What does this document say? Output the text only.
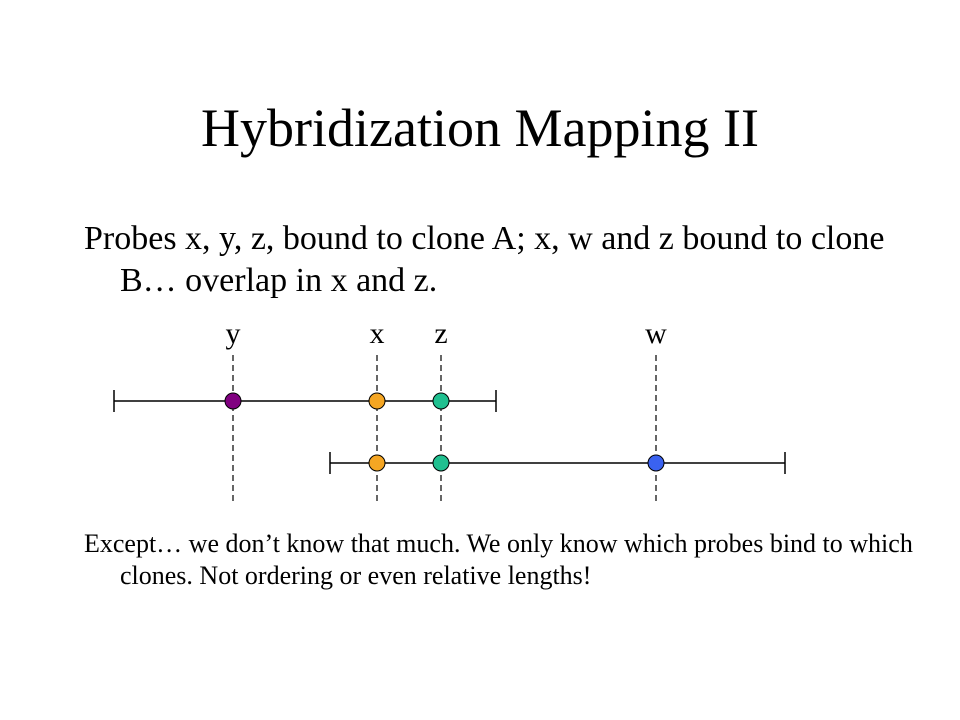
Hybridization Mapping II
Probes x, y, z, bound to clone A; x, w and z bound to clone B… overlap in x and z.
y	x z	w
Except… we don’t know that much. We only know which probes bind to which clones. Not ordering or even relative lengths!
